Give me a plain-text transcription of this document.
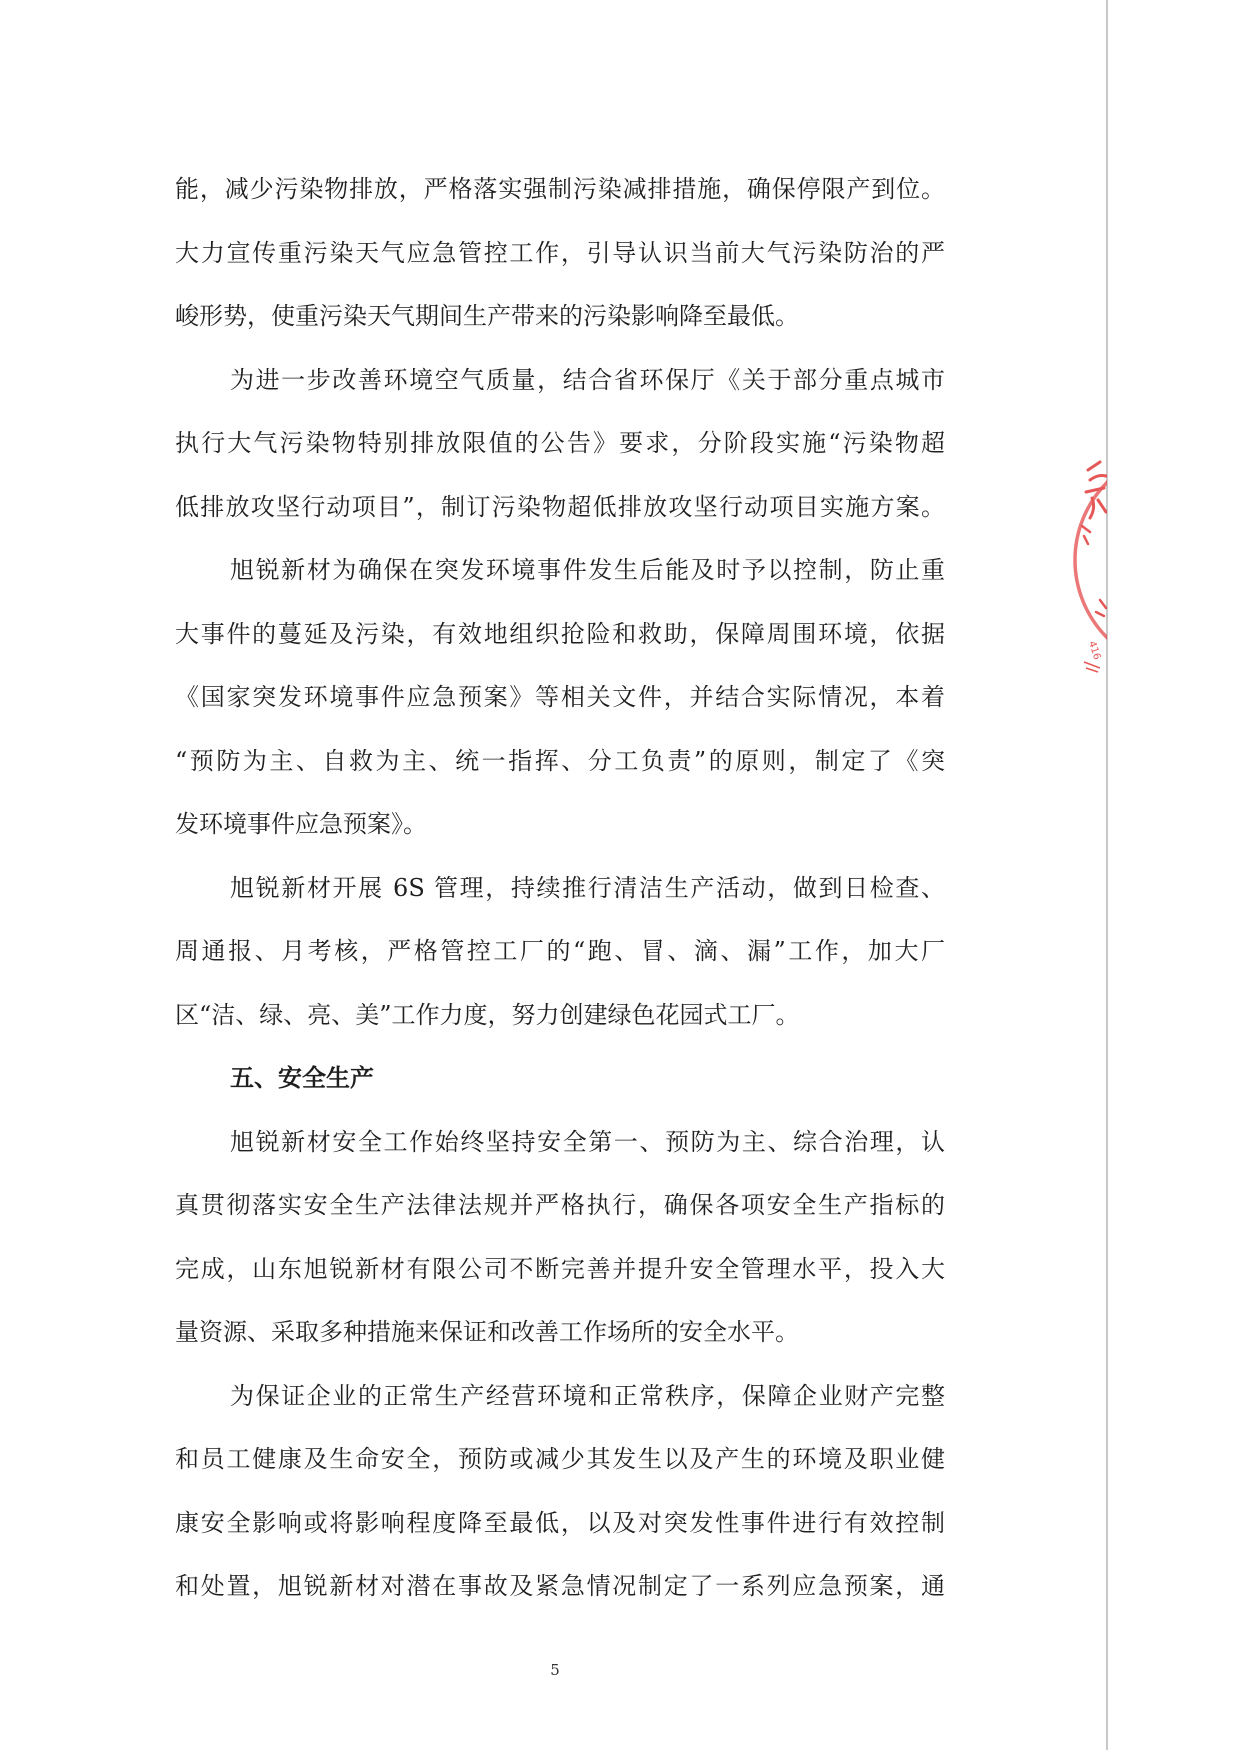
能，减少污染物排放，严格落实强制污染减排措施，确保停限产到位。
大力宣传重污染天气应急管控工作，引导认识当前大气污染防治的严
峻形势，使重污染天气期间生产带来的污染影响降至最低。
为进一步改善环境空气质量，结合省环保厅《关于部分重点城市
执行大气污染物特别排放限值的公告》要求，分阶段实施“污染物超
低排放攻坚行动项目”，制订污染物超低排放攻坚行动项目实施方案。
旭锐新材为确保在突发环境事件发生后能及时予以控制，防止重
大事件的蔓延及污染，有效地组织抢险和救助，保障周围环境，依据
《国家突发环境事件应急预案》等相关文件，并结合实际情况，本着
“预防为主、自救为主、统一指挥、分工负责”的原则，制定了《突
发环境事件应急预案》。
旭锐新材开展 6S 管理，持续推行清洁生产活动，做到日检查、
周通报、月考核，严格管控工厂的“跑、冒、滴、漏”工作，加大厂
区“洁、绿、亮、美”工作力度，努力创建绿色花园式工厂。
五、安全生产
旭锐新材安全工作始终坚持安全第一、预防为主、综合治理，认
真贯彻落实安全生产法律法规并严格执行，确保各项安全生产指标的
完成，山东旭锐新材有限公司不断完善并提升安全管理水平，投入大
量资源、采取多种措施来保证和改善工作场所的安全水平。
为保证企业的正常生产经营环境和正常秩序，保障企业财产完整
和员工健康及生命安全，预防或减少其发生以及产生的环境及职业健
康安全影响或将影响程度降至最低，以及对突发性事件进行有效控制
和处置，旭锐新材对潜在事故及紧急情况制定了一系列应急预案，通
5
416
